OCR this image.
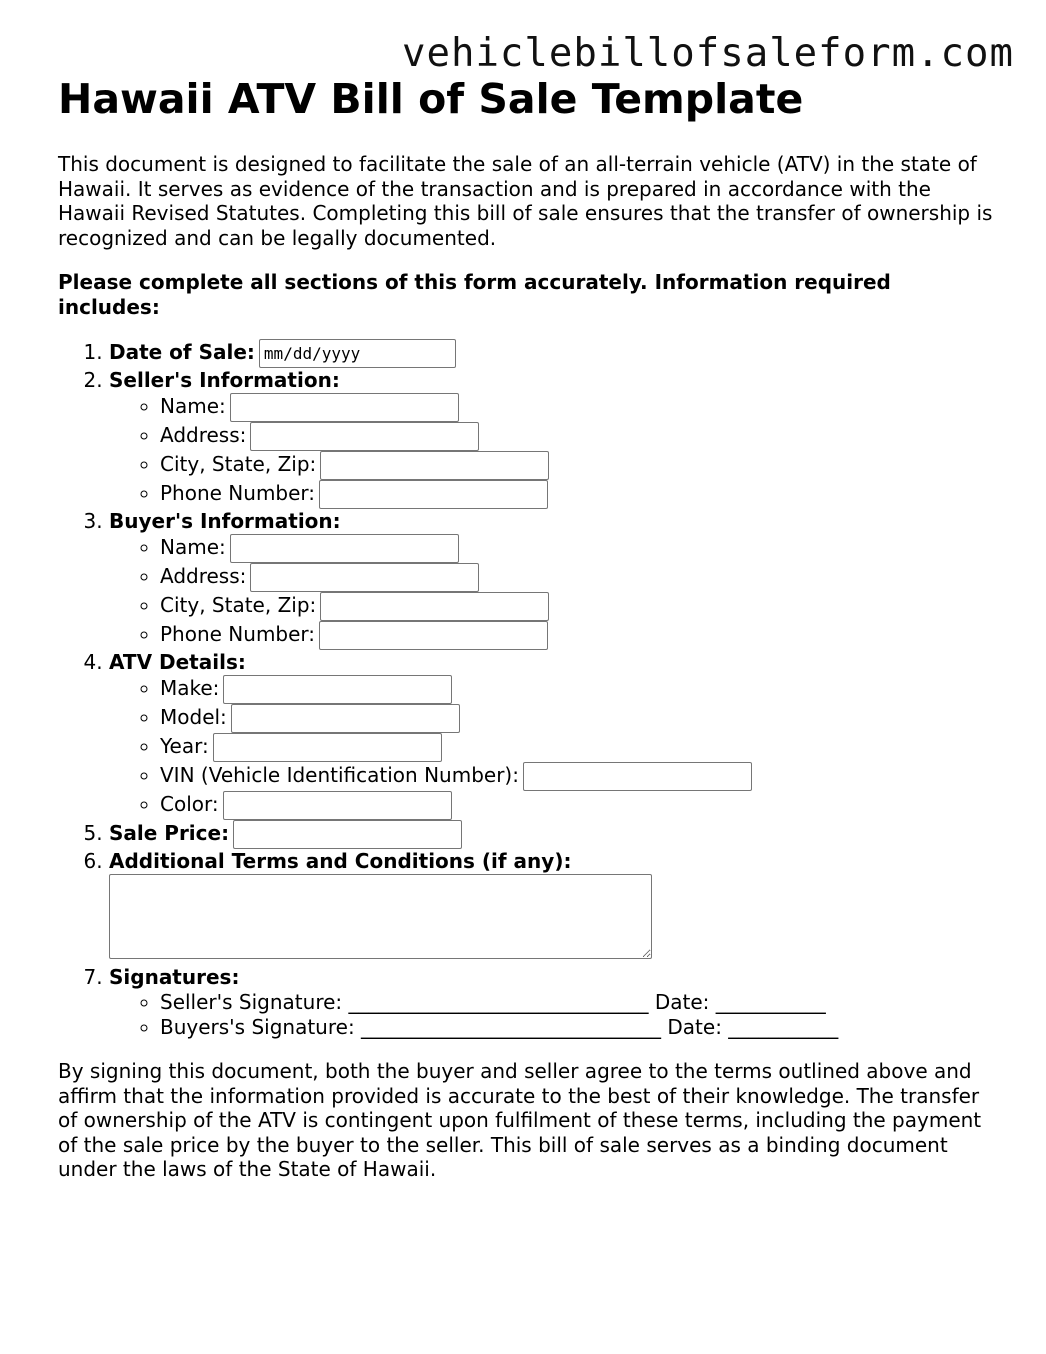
vehiclebillofsaleform.com
Hawaii ATV Bill of Sale Template

This document is designed to facilitate the sale of an all-terrain vehicle (ATV) in the state of Hawaii. It serves as evidence of the transaction and is prepared in accordance with the Hawaii Revised Statutes. Completing this bill of sale ensures that the transfer of ownership is recognized and can be legally documented.

Please complete all sections of this form accurately. Information required includes:

1. Date of Sale:mm/dd/yyyy
2. Seller's Information:
◦ Name:
◦ Address:
◦ City, State, Zip:
◦ Phone Number:
3. Buyer's Information:
◦ Name:
◦ Address:
◦ City, State, Zip:
◦ Phone Number:
4. ATV Details:
◦ Make:
◦ Model:
◦ Year:
◦ VIN (Vehicle Identification Number):
◦ Color:
5. Sale Price:
6. Additional Terms and Conditions (if any):
7. Signatures:
◦ Seller's Signature: ______________________________ Date: ___________
◦ Buyers's Signature: ______________________________ Date: ___________

By signing this document, both the buyer and seller agree to the terms outlined above and affirm that the information provided is accurate to the best of their knowledge. The transfer of ownership of the ATV is contingent upon fulfilment of these terms, including the payment of the sale price by the buyer to the seller. This bill of sale serves as a binding document under the laws of the State of Hawaii.
